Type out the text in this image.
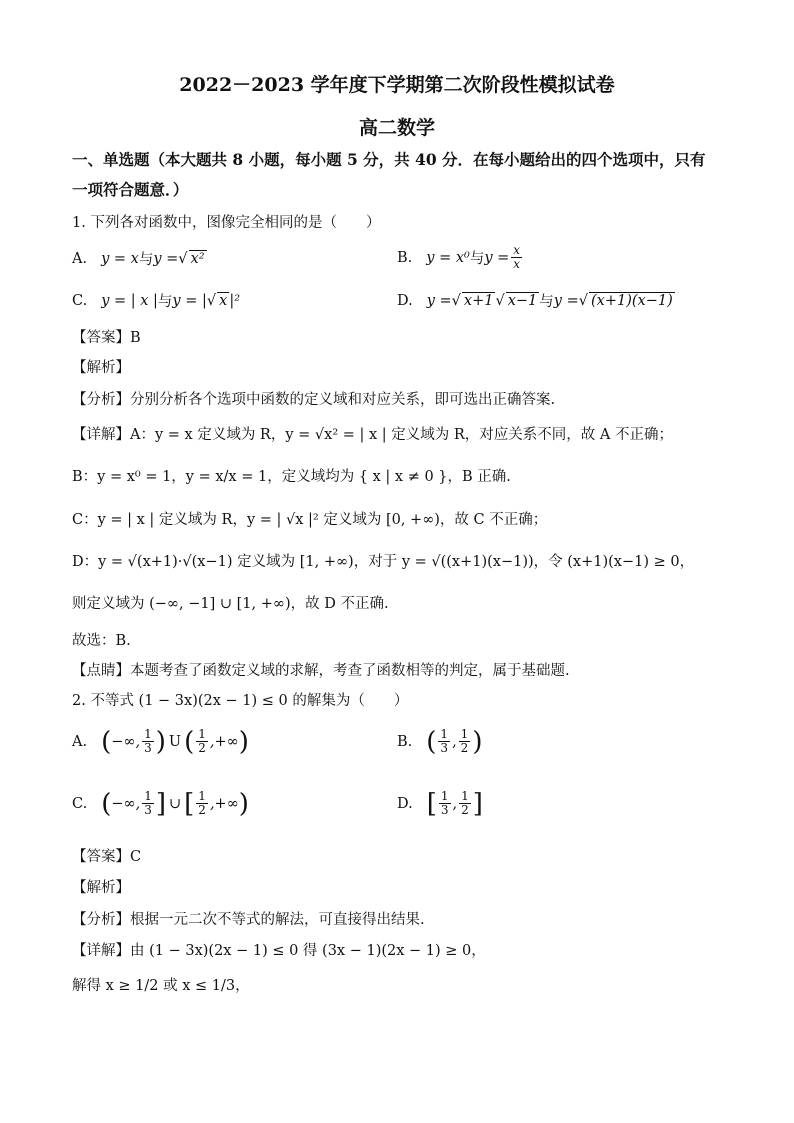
2022－2023 学年度下学期第二次阶段性模拟试卷
高二数学
一、单选题（本大题共 8 小题，每小题 5 分，共 40 分．在每小题给出的四个选项中，只有
一项符合题意．）
1. 下列各对函数中，图像完全相同的是（　　）
A. y = x 与 y = √ x²	B. y = x⁰ 与 $y = \frac{x}{x}$
C. y = | x | 与 y = | √ x |²	D. y = √ x+1 √ x−1 与 y = √ (x+1)(x−1)
【答案】B
【解析】
【分析】分别分析各个选项中函数的定义域和对应关系，即可选出正确答案.
【详解】A：y = x 定义域为 R，y = √x² = | x | 定义域为 R，对应关系不同，故 A 不正确；
B：y = x⁰ = 1，y = x/x = 1，定义域均为 { x | x ≠ 0 }，B 正确.
C：y = | x | 定义域为 R，y = | √x |² 定义域为 [0, +∞)，故 C 不正确；
D：y = √(x+1)·√(x−1) 定义域为 [1, +∞)，对于 y = √((x+1)(x−1))，令 (x+1)(x−1) ≥ 0，
则定义域为 (−∞, −1] ∪ [1, +∞)，故 D 不正确.
故选：B.
【点睛】本题考查了函数定义域的求解，考查了函数相等的判定，属于基础题.
2. 不等式 (1 − 3x)(2x − 1) ≤ 0 的解集为（　　）
A. ( −∞, $\frac{1}{3}$ ) U ( $\frac{1}{2}$ ,+∞ )	B. ( $\frac{1}{3}$ , $\frac{1}{2}$ )
C. ( −∞, $\frac{1}{3}$ ] ∪ [ $\frac{1}{2}$ ,+∞ )	D. [ $\frac{1}{3}$ , $\frac{1}{2}$ ]
【答案】C
【解析】
【分析】根据一元二次不等式的解法，可直接得出结果.
【详解】由 (1 − 3x)(2x − 1) ≤ 0 得 (3x − 1)(2x − 1) ≥ 0，
解得 x ≥ 1/2 或 x ≤ 1/3，
